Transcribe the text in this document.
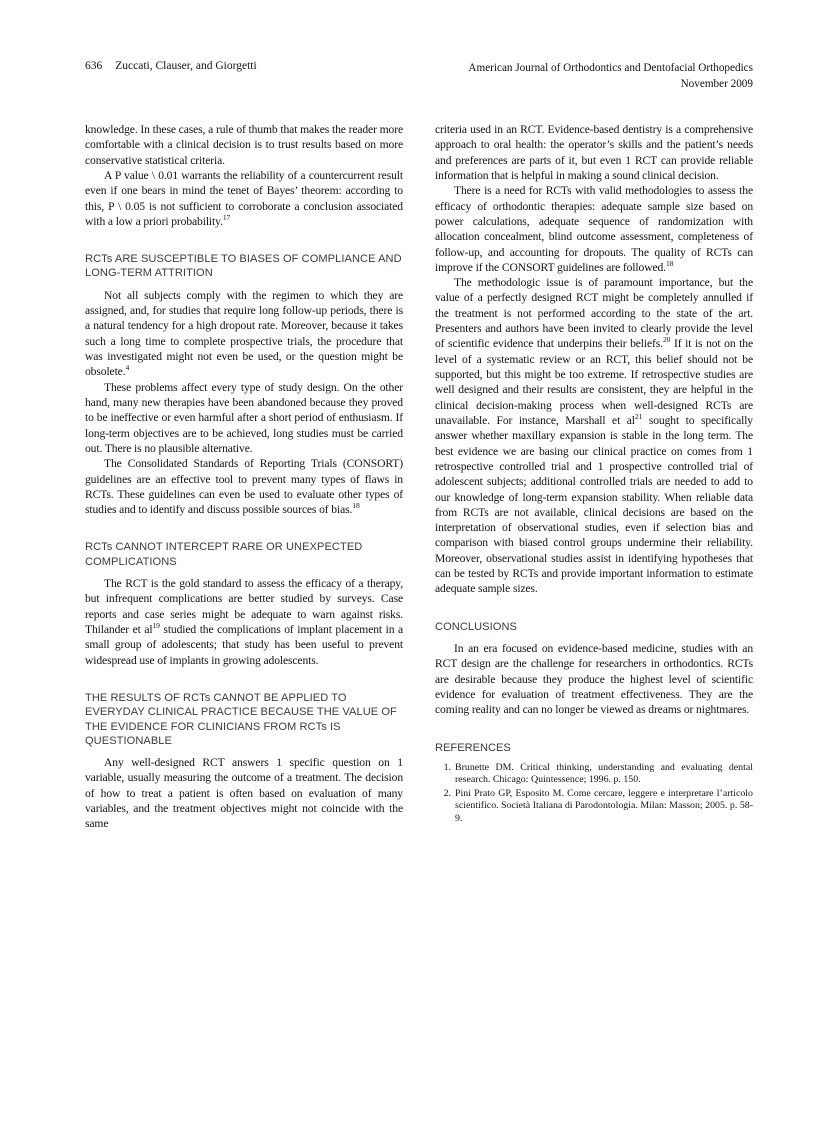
636 Zuccati, Clauser, and Giorgetti	American Journal of Orthodontics and Dentofacial Orthopedics
November 2009

knowledge. In these cases, a rule of thumb that makes the reader more comfortable with a clinical decision is to trust results based on more conservative statistical criteria.

A P value \ 0.01 warrants the reliability of a countercurrent result even if one bears in mind the tenet of Bayes’ theorem: according to this, P \ 0.05 is not sufficient to corroborate a conclusion associated with a low a priori probability.$^{17}$

RCTs ARE SUSCEPTIBLE TO BIASES OF COMPLIANCE AND LONG-TERM ATTRITION

Not all subjects comply with the regimen to which they are assigned, and, for studies that require long follow-up periods, there is a natural tendency for a high dropout rate. Moreover, because it takes such a long time to complete prospective trials, the procedure that was investigated might not even be used, or the question might be obsolete.$^4$

These problems affect every type of study design. On the other hand, many new therapies have been abandoned because they proved to be ineffective or even harmful after a short period of enthusiasm. If long-term objectives are to be achieved, long studies must be carried out. There is no plausible alternative.

The Consolidated Standards of Reporting Trials (CONSORT) guidelines are an effective tool to prevent many types of flaws in RCTs. These guidelines can even be used to evaluate other types of studies and to identify and discuss possible sources of bias.$^{18}$

RCTs CANNOT INTERCEPT RARE OR UNEXPECTED COMPLICATIONS

The RCT is the gold standard to assess the efficacy of a therapy, but infrequent complications are better studied by surveys. Case reports and case series might be adequate to warn against risks. Thilander et al$^{19}$ studied the complications of implant placement in a small group of adolescents; that study has been useful to prevent widespread use of implants in growing adolescents.

THE RESULTS OF RCTs CANNOT BE APPLIED TO EVERYDAY CLINICAL PRACTICE BECAUSE THE VALUE OF THE EVIDENCE FOR CLINICIANS FROM RCTs IS QUESTIONABLE

Any well-designed RCT answers 1 specific question on 1 variable, usually measuring the outcome of a treatment. The decision of how to treat a patient is often based on evaluation of many variables, and the treatment objectives might not coincide with the same

criteria used in an RCT. Evidence-based dentistry is a comprehensive approach to oral health: the operator’s skills and the patient’s needs and preferences are parts of it, but even 1 RCT can provide reliable information that is helpful in making a sound clinical decision.

There is a need for RCTs with valid methodologies to assess the efficacy of orthodontic therapies: adequate sample size based on power calculations, adequate sequence of randomization with allocation concealment, blind outcome assessment, completeness of follow-up, and accounting for dropouts. The quality of RCTs can improve if the CONSORT guidelines are followed.$^{18}$

The methodologic issue is of paramount importance, but the value of a perfectly designed RCT might be completely annulled if the treatment is not performed according to the state of the art. Presenters and authors have been invited to clearly provide the level of scientific evidence that underpins their beliefs.$^{20}$ If it is not on the level of a systematic review or an RCT, this belief should not be supported, but this might be too extreme. If retrospective studies are well designed and their results are consistent, they are helpful in the clinical decision-making process when well-designed RCTs are unavailable. For instance, Marshall et al$^{21}$ sought to specifically answer whether maxillary expansion is stable in the long term. The best evidence we are basing our clinical practice on comes from 1 retrospective controlled trial and 1 prospective controlled trial of adolescent subjects; additional controlled trials are needed to add to our knowledge of long-term expansion stability. When reliable data from RCTs are not available, clinical decisions are based on the interpretation of observational studies, even if selection bias and comparison with biased control groups undermine their reliability. Moreover, observational studies assist in identifying hypotheses that can be tested by RCTs and provide important information to estimate adequate sample sizes.

CONCLUSIONS

In an era focused on evidence-based medicine, studies with an RCT design are the challenge for researchers in orthodontics. RCTs are desirable because they produce the highest level of scientific evidence for evaluation of treatment effectiveness. They are the coming reality and can no longer be viewed as dreams or nightmares.

REFERENCES
Brunette DM. Critical thinking, understanding and evaluating dental research. Chicago: Quintessence; 1996. p. 150.
Pini Prato GP, Esposito M. Come cercare, leggere e interpretare l’articolo scientifico. Società Italiana di Parodontologia. Milan: Masson; 2005. p. 58-9.
